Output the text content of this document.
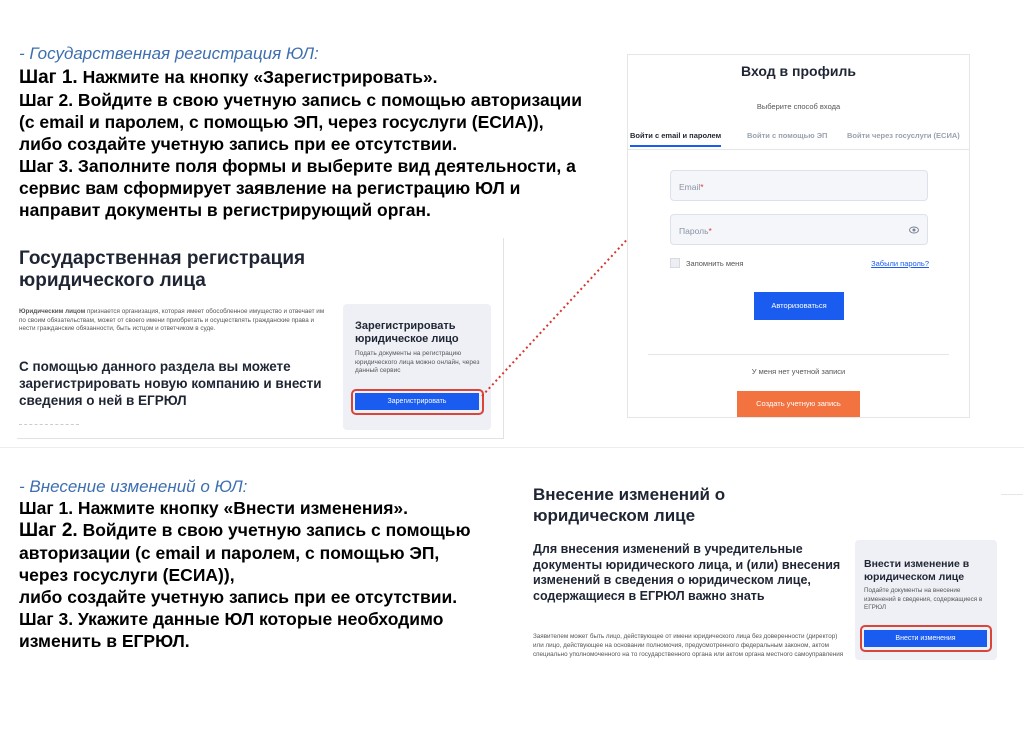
- Государственная регистрация ЮЛ:
Шаг 1. Нажмите на кнопку «Зарегистрировать».
Шаг 2. Войдите в свою учетную запись с помощью авторизации
(с email и паролем, с помощью ЭП, через госуслуги (ЕСИА)),
либо создайте учетную запись при ее отсутствии.
Шаг 3. Заполните поля формы и выберите вид деятельности, а
сервис вам сформирует заявление на регистрацию ЮЛ и
направит документы в регистрирующий орган.
Государственная регистрация
юридического лица
Юридическим лицом признается организация, которая имеет обособленное имущество и отвечает им по своим обязательствам, может от своего имени приобретать и осуществлять гражданские права и нести гражданские обязанности, быть истцом и ответчиком в суде.
С помощью данного раздела вы можете зарегистрировать новую компанию и внести сведения о ней в ЕГРЮЛ
Зарегистрировать
юридическое лицо
Подать документы на регистрацию юридического лица можно онлайн, через данный сервис
Зарегистрировать
Вход в профиль
Выберите способ входа
Войти с email и паролем	Войти с помощью ЭП	Войти через госуслуги (ЕСИА)
Email*
Пароль*
Запомнить меня	Забыли пароль?
Авторизоваться
У меня нет учетной записи
Создать учетную запись
- Внесение изменений о ЮЛ:
Шаг 1. Нажмите кнопку «Внести изменения».
Шаг 2. Войдите в свою учетную запись с помощью
авторизации (с email и паролем, с помощью ЭП,
через госуслуги (ЕСИА)),
либо создайте учетную запись при ее отсутствии.
Шаг 3. Укажите данные ЮЛ которые необходимо
изменить в ЕГРЮЛ.
Внесение изменений о
юридическом лице
Для внесения изменений в учредительные документы юридического лица, и (или) внесения изменений в сведения о юридическом лице, содержащиеся в ЕГРЮЛ важно знать
Заявителем может быть лицо, действующее от имени юридического лица без доверенности (директор) или лицо, действующее на основании полномочия, предусмотренного федеральным законом, актом специально уполномоченного на то государственного органа или актом органа местного самоуправления
Внести изменение в
юридическом лице
Подайте документы на внесение изменений в сведения, содержащиеся в ЕГРЮЛ
Внести изменения
